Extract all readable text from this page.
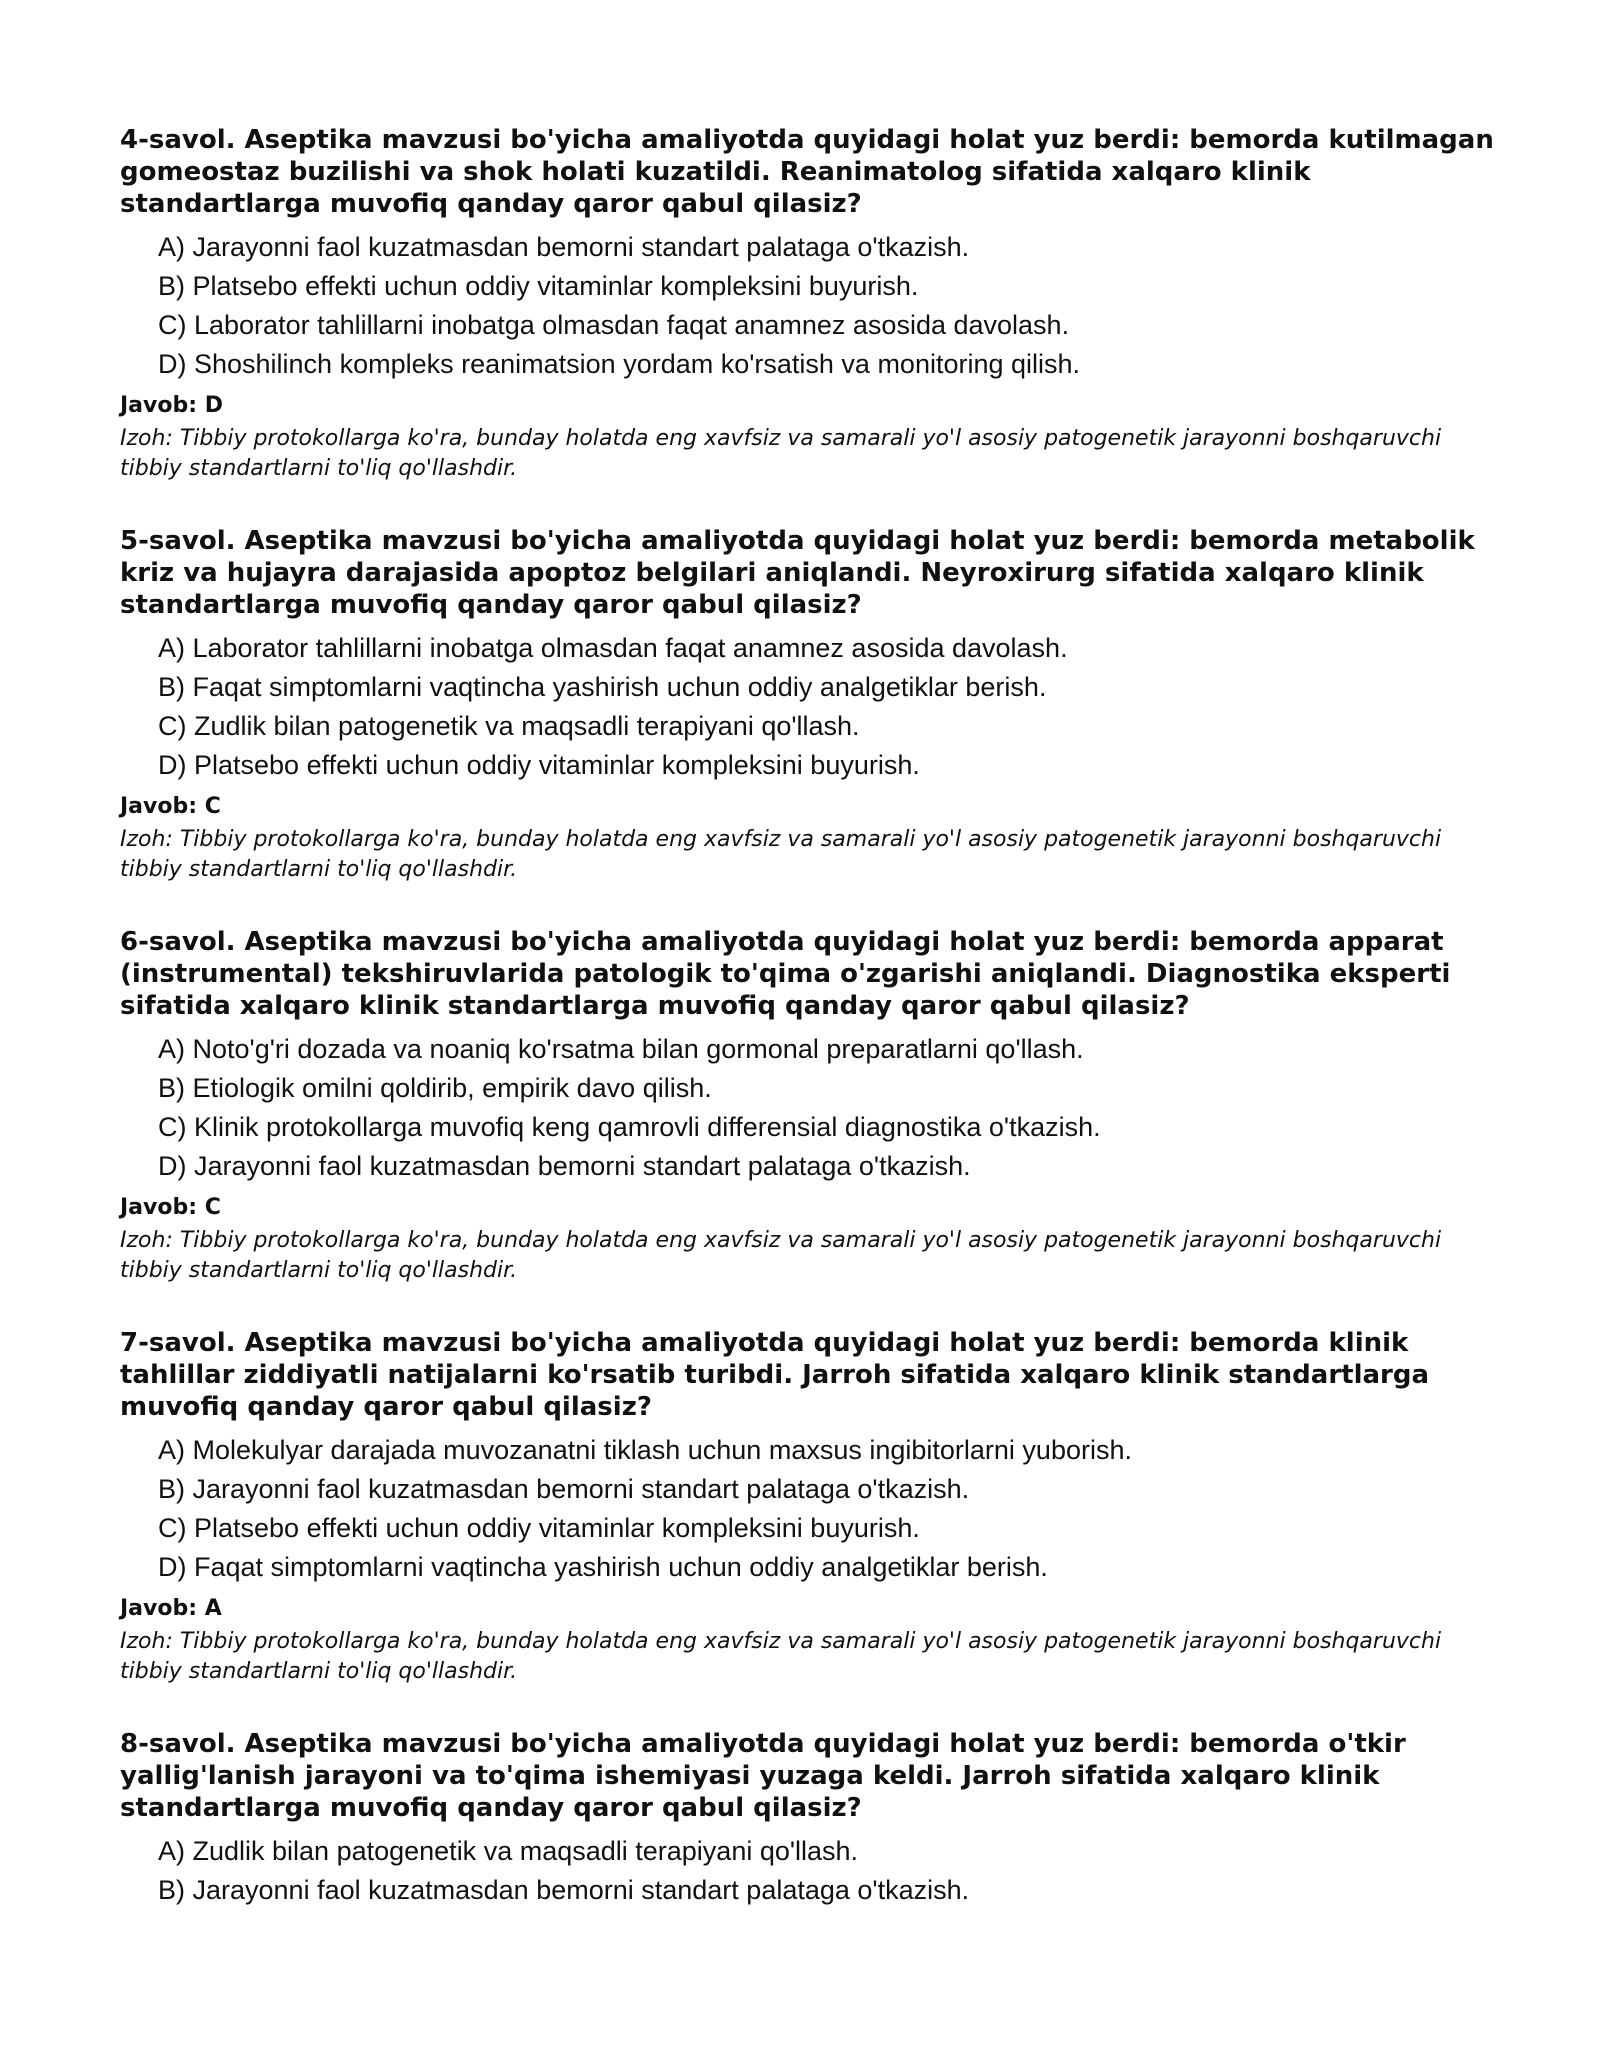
4-savol. Aseptika mavzusi bo'yicha amaliyotda quyidagi holat yuz berdi: bemorda kutilmagan gomeostaz buzilishi va shok holati kuzatildi. Reanimatolog sifatida xalqaro klinik standartlarga muvofiq qanday qaror qabul qilasiz?

A) Jarayonni faol kuzatmasdan bemorni standart palataga o'tkazish.
B) Platsebo effekti uchun oddiy vitaminlar kompleksini buyurish.
C) Laborator tahlillarni inobatga olmasdan faqat anamnez asosida davolash.
D) Shoshilinch kompleks reanimatsion yordam ko'rsatish va monitoring qilish.

Javob: D

Izoh: Tibbiy protokollarga ko'ra, bunday holatda eng xavfsiz va samarali yo'l asosiy patogenetik jarayonni boshqaruvchi tibbiy standartlarni to'liq qo'llashdir.

5-savol. Aseptika mavzusi bo'yicha amaliyotda quyidagi holat yuz berdi: bemorda metabolik kriz va hujayra darajasida apoptoz belgilari aniqlandi. Neyroxirurg sifatida xalqaro klinik standartlarga muvofiq qanday qaror qabul qilasiz?

A) Laborator tahlillarni inobatga olmasdan faqat anamnez asosida davolash.
B) Faqat simptomlarni vaqtincha yashirish uchun oddiy analgetiklar berish.
C) Zudlik bilan patogenetik va maqsadli terapiyani qo'llash.
D) Platsebo effekti uchun oddiy vitaminlar kompleksini buyurish.

Javob: C

Izoh: Tibbiy protokollarga ko'ra, bunday holatda eng xavfsiz va samarali yo'l asosiy patogenetik jarayonni boshqaruvchi tibbiy standartlarni to'liq qo'llashdir.

6-savol. Aseptika mavzusi bo'yicha amaliyotda quyidagi holat yuz berdi: bemorda apparat (instrumental) tekshiruvlarida patologik to'qima o'zgarishi aniqlandi. Diagnostika eksperti sifatida xalqaro klinik standartlarga muvofiq qanday qaror qabul qilasiz?

A) Noto'g'ri dozada va noaniq ko'rsatma bilan gormonal preparatlarni qo'llash.
B) Etiologik omilni qoldirib, empirik davo qilish.
C) Klinik protokollarga muvofiq keng qamrovli differensial diagnostika o'tkazish.
D) Jarayonni faol kuzatmasdan bemorni standart palataga o'tkazish.

Javob: C

Izoh: Tibbiy protokollarga ko'ra, bunday holatda eng xavfsiz va samarali yo'l asosiy patogenetik jarayonni boshqaruvchi tibbiy standartlarni to'liq qo'llashdir.

7-savol. Aseptika mavzusi bo'yicha amaliyotda quyidagi holat yuz berdi: bemorda klinik tahlillar ziddiyatli natijalarni ko'rsatib turibdi. Jarroh sifatida xalqaro klinik standartlarga muvofiq qanday qaror qabul qilasiz?

A) Molekulyar darajada muvozanatni tiklash uchun maxsus ingibitorlarni yuborish.
B) Jarayonni faol kuzatmasdan bemorni standart palataga o'tkazish.
C) Platsebo effekti uchun oddiy vitaminlar kompleksini buyurish.
D) Faqat simptomlarni vaqtincha yashirish uchun oddiy analgetiklar berish.

Javob: A

Izoh: Tibbiy protokollarga ko'ra, bunday holatda eng xavfsiz va samarali yo'l asosiy patogenetik jarayonni boshqaruvchi tibbiy standartlarni to'liq qo'llashdir.

8-savol. Aseptika mavzusi bo'yicha amaliyotda quyidagi holat yuz berdi: bemorda o'tkir yallig'lanish jarayoni va to'qima ishemiyasi yuzaga keldi. Jarroh sifatida xalqaro klinik standartlarga muvofiq qanday qaror qabul qilasiz?

A) Zudlik bilan patogenetik va maqsadli terapiyani qo'llash.
B) Jarayonni faol kuzatmasdan bemorni standart palataga o'tkazish.
